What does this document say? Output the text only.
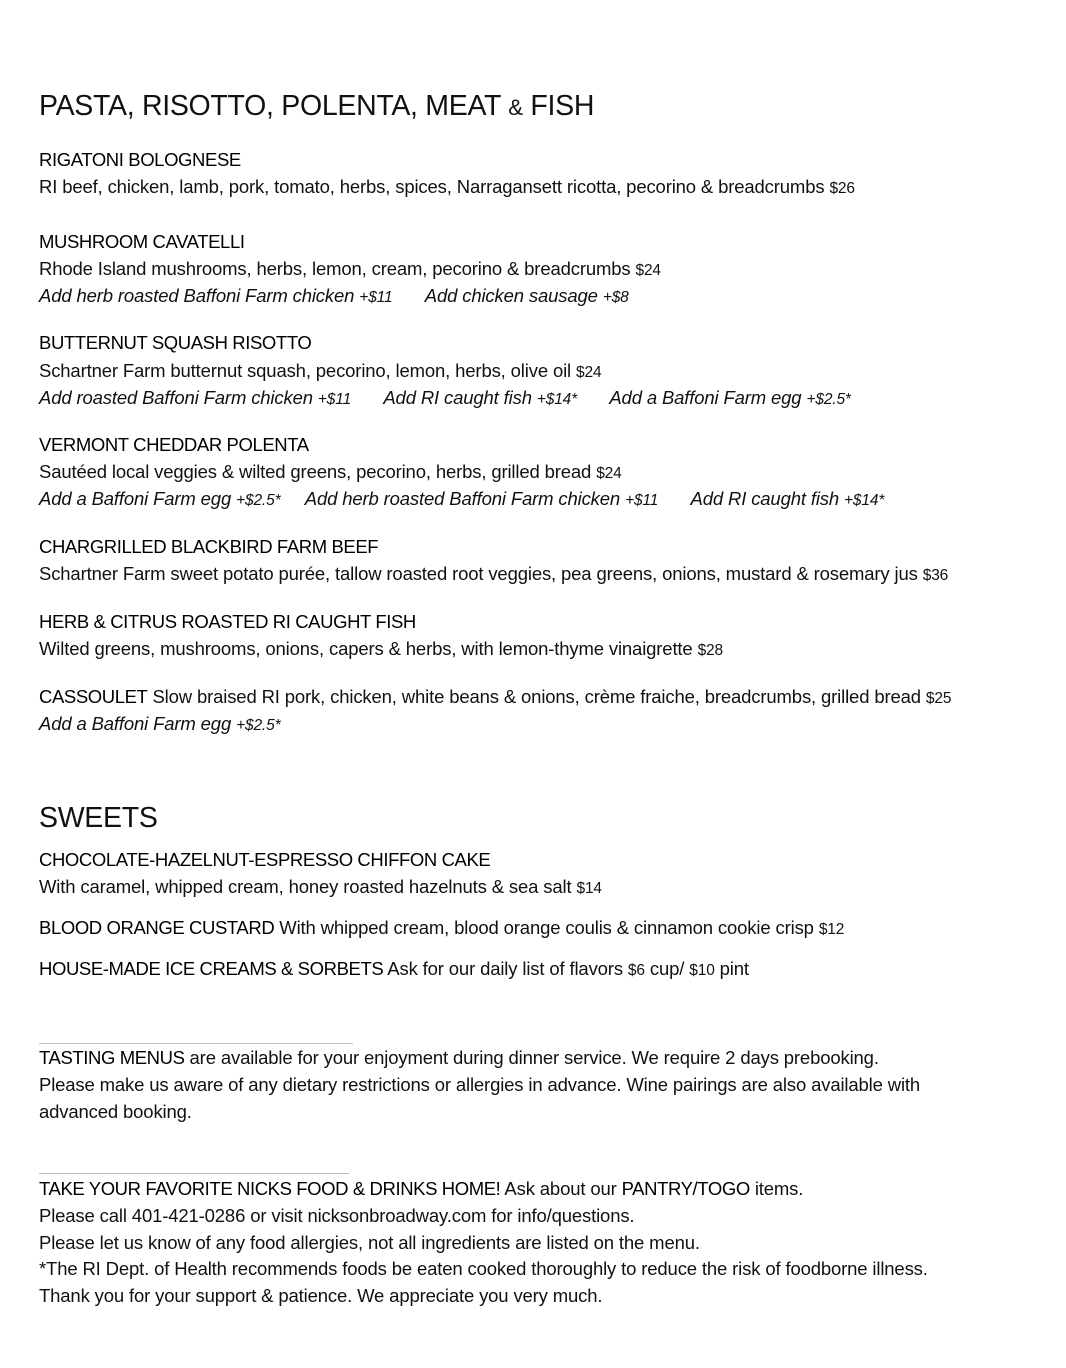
PASTA, RISOTTO, POLENTA, MEAT & FISH
RIGATONI BOLOGNESE
RI beef, chicken, lamb, pork, tomato, herbs, spices, Narragansett ricotta, pecorino & breadcrumbs $26
MUSHROOM CAVATELLI
Rhode Island mushrooms, herbs, lemon, cream, pecorino & breadcrumbs $24
Add herb roasted Baffoni Farm chicken +$11 Add chicken sausage +$8
BUTTERNUT SQUASH RISOTTO
Schartner Farm butternut squash, pecorino, lemon, herbs, olive oil $24
Add roasted Baffoni Farm chicken +$11 Add RI caught fish +$14* Add a Baffoni Farm egg +$2.5*
VERMONT CHEDDAR POLENTA
Sautéed local veggies & wilted greens, pecorino, herbs, grilled bread $24
Add a Baffoni Farm egg +$2.5* Add herb roasted Baffoni Farm chicken +$11 Add RI caught fish +$14*
CHARGRILLED BLACKBIRD FARM BEEF
Schartner Farm sweet potato purée, tallow roasted root veggies, pea greens, onions, mustard & rosemary jus $36
HERB & CITRUS ROASTED RI CAUGHT FISH
Wilted greens, mushrooms, onions, capers & herbs, with lemon-thyme vinaigrette $28
CASSOULET Slow braised RI pork, chicken, white beans & onions, crème fraiche, breadcrumbs, grilled bread $25
Add a Baffoni Farm egg +$2.5*
SWEETS
CHOCOLATE-HAZELNUT-ESPRESSO CHIFFON CAKE
With caramel, whipped cream, honey roasted hazelnuts & sea salt $14
BLOOD ORANGE CUSTARD With whipped cream, blood orange coulis & cinnamon cookie crisp $12
HOUSE-MADE ICE CREAMS & SORBETS Ask for our daily list of flavors $6 cup/ $10 pint
TASTING MENUS are available for your enjoyment during dinner service. We require 2 days prebooking.
Please make us aware of any dietary restrictions or allergies in advance. Wine pairings are also available with
advanced booking.
TAKE YOUR FAVORITE NICKS FOOD & DRINKS HOME! Ask about our PANTRY/TOGO items.
Please call 401-421-0286 or visit nicksonbroadway.com for info/questions.
Please let us know of any food allergies, not all ingredients are listed on the menu.
*The RI Dept. of Health recommends foods be eaten cooked thoroughly to reduce the risk of foodborne illness.
Thank you for your support & patience. We appreciate you very much.
